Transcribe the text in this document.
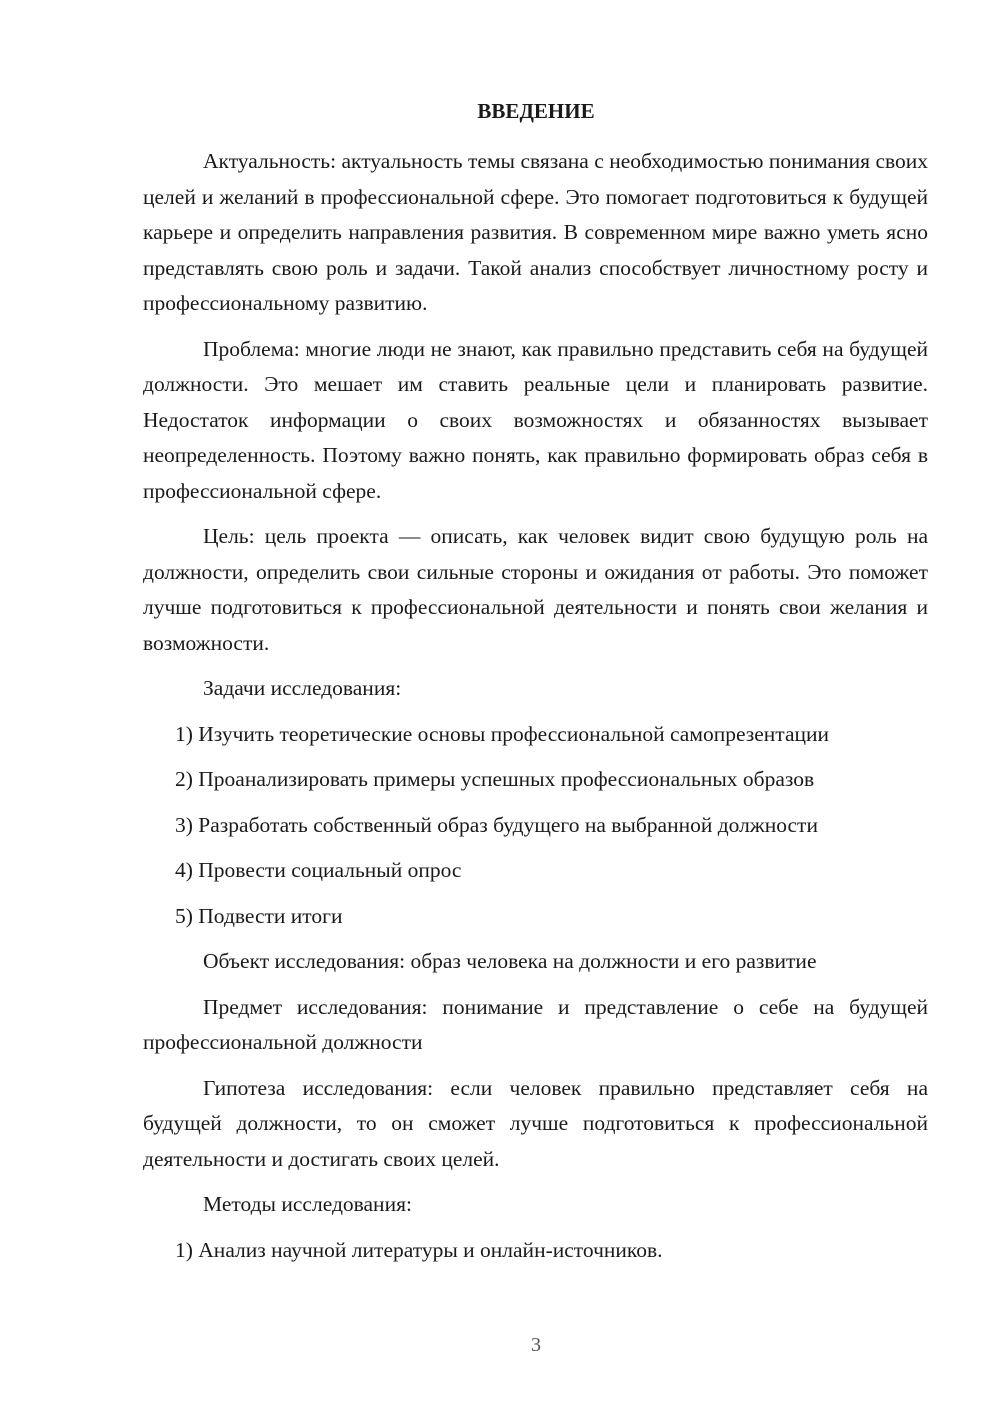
ВВЕДЕНИЕ

Актуальность: актуальность темы связана с необходимостью понимания своих целей и желаний в профессиональной сфере. Это помогает подготовиться к будущей карьере и определить направления развития. В современном мире важно уметь ясно представлять свою роль и задачи. Такой анализ способствует личностному росту и профессиональному развитию.

Проблема: многие люди не знают, как правильно представить себя на будущей должности. Это мешает им ставить реальные цели и планировать развитие. Недостаток информации о своих возможностях и обязанностях вызывает неопределенность. Поэтому важно понять, как правильно формировать образ себя в профессиональной сфере.

Цель: цель проекта — описать, как человек видит свою будущую роль на должности, определить свои сильные стороны и ожидания от работы. Это поможет лучше подготовиться к профессиональной деятельности и понять свои желания и возможности.

Задачи исследования:

1) Изучить теоретические основы профессиональной самопрезентации

2) Проанализировать примеры успешных профессиональных образов

3) Разработать собственный образ будущего на выбранной должности

4) Провести социальный опрос

5) Подвести итоги

Объект исследования: образ человека на должности и его развитие

Предмет исследования: понимание и представление о себе на будущей профессиональной должности

Гипотеза исследования: если человек правильно представляет себя на будущей должности, то он сможет лучше подготовиться к профессиональной деятельности и достигать своих целей.

Методы исследования:

1) Анализ научной литературы и онлайн-источников.

3
